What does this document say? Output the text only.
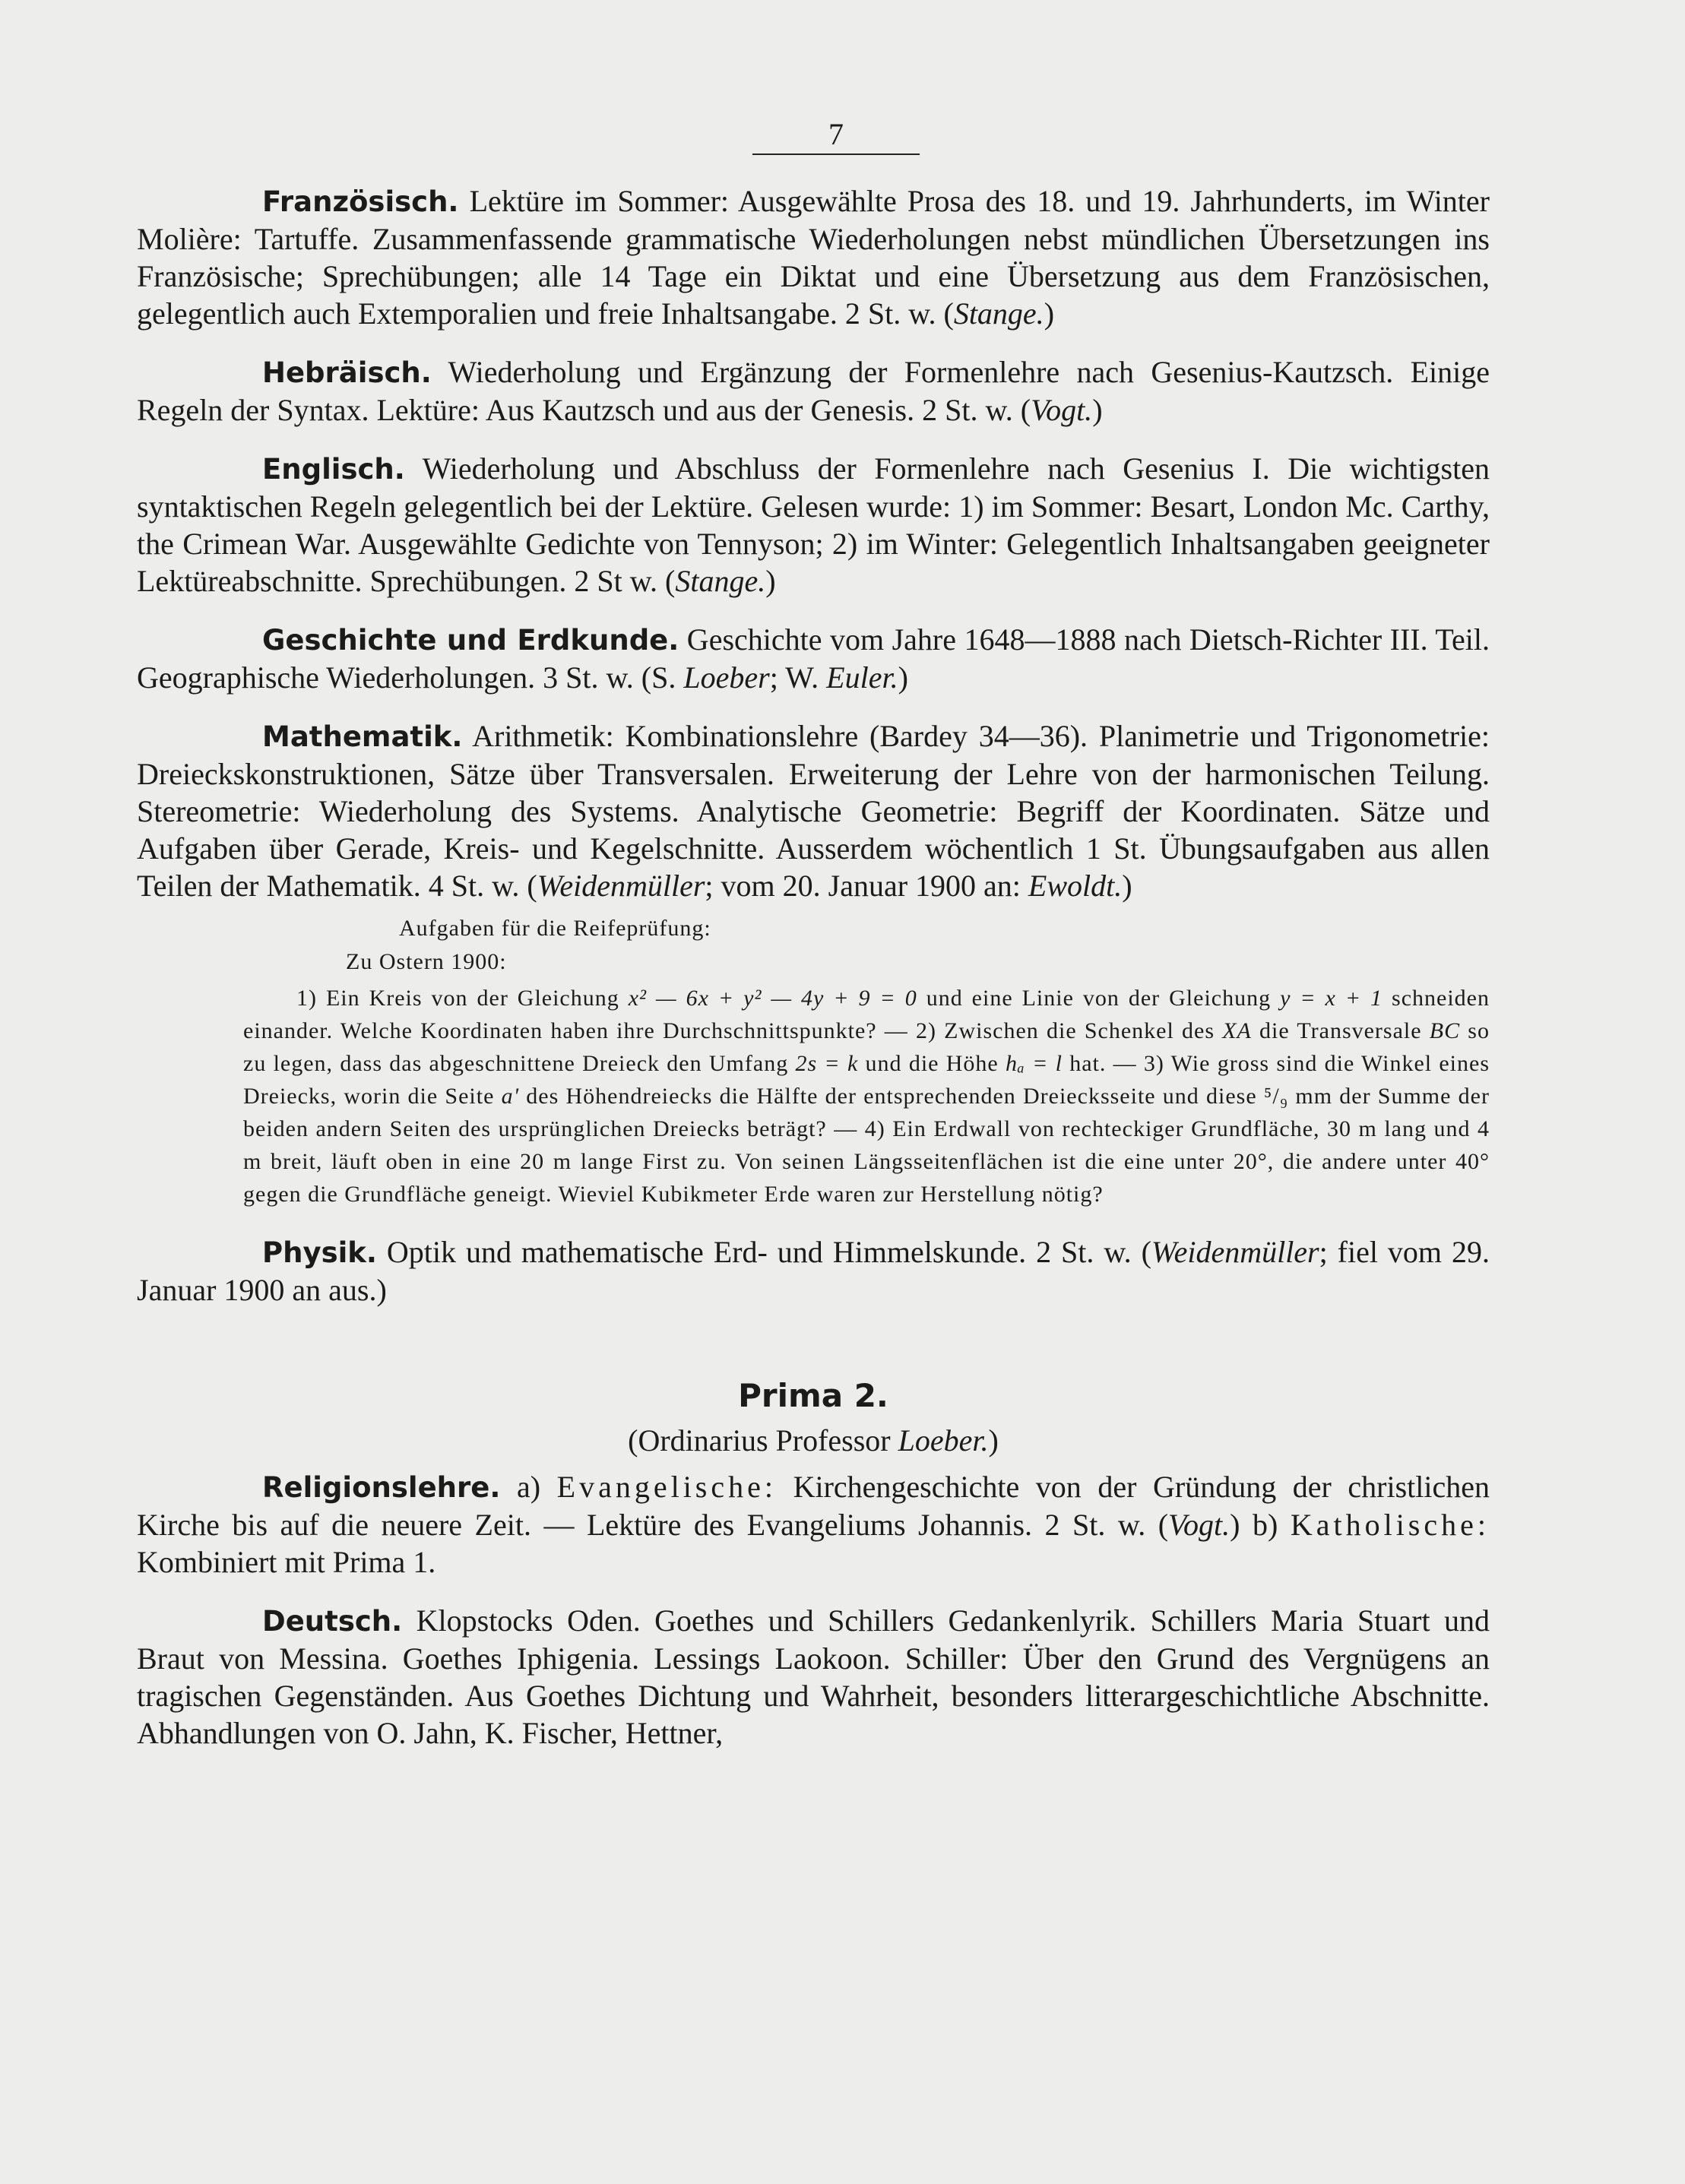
7

Französisch. Lektüre im Sommer: Ausgewählte Prosa des 18. und 19. Jahrhunderts, im Winter Molière: Tartuffe. Zusammenfassende grammatische Wiederholungen nebst mündlichen Übersetzungen ins Französische; Sprechübungen; alle 14 Tage ein Diktat und eine Übersetzung aus dem Französischen, gelegentlich auch Extemporalien und freie Inhaltsangabe. 2 St. w. (Stange.)

Hebräisch. Wiederholung und Ergänzung der Formenlehre nach Gesenius-Kautzsch. Einige Regeln der Syntax. Lektüre: Aus Kautzsch und aus der Genesis. 2 St. w. (Vogt.)

Englisch. Wiederholung und Abschluss der Formenlehre nach Gesenius I. Die wichtigsten syntaktischen Regeln gelegentlich bei der Lektüre. Gelesen wurde: 1) im Sommer: Besart, London Mc. Carthy, the Crimean War. Ausgewählte Gedichte von Tennyson; 2) im Winter: Gelegentlich Inhaltsangaben geeigneter Lektüreabschnitte. Sprechübungen. 2 St w. (Stange.)

Geschichte und Erdkunde. Geschichte vom Jahre 1648—1888 nach Dietsch-Richter III. Teil. Geographische Wiederholungen. 3 St. w. (S. Loeber; W. Euler.)

Mathematik. Arithmetik: Kombinationslehre (Bardey 34—36). Planimetrie und Trigonometrie: Dreieckskonstruktionen, Sätze über Transversalen. Erweiterung der Lehre von der harmonischen Teilung. Stereometrie: Wiederholung des Systems. Analytische Geometrie: Begriff der Koordinaten. Sätze und Aufgaben über Gerade, Kreis- und Kegelschnitte. Ausserdem wöchentlich 1 St. Übungsaufgaben aus allen Teilen der Mathematik. 4 St. w. (Weidenmüller; vom 20. Januar 1900 an: Ewoldt.)

Aufgaben für die Reifeprüfung:
Zu Ostern 1900:

1) Ein Kreis von der Gleichung x² — 6x + y² — 4y + 9 = 0 und eine Linie von der Gleichung y = x + 1 schneiden einander. Welche Koordinaten haben ihre Durchschnittspunkte? — 2) Zwischen die Schenkel des XA die Transversale BC so zu legen, dass das abgeschnittene Dreieck den Umfang 2s = k und die Höhe hₐ = l hat. — 3) Wie gross sind die Winkel eines Dreiecks, worin die Seite a' des Höhendreiecks die Hälfte der entsprechenden Dreiecksseite und diese ⁵/₉ mm der Summe der beiden andern Seiten des ursprünglichen Dreiecks beträgt? — 4) Ein Erdwall von rechteckiger Grundfläche, 30 m lang und 4 m breit, läuft oben in eine 20 m lange First zu. Von seinen Längsseitenflächen ist die eine unter 20°, die andere unter 40° gegen die Grundfläche geneigt. Wieviel Kubikmeter Erde waren zur Herstellung nötig?

Physik. Optik und mathematische Erd- und Himmelskunde. 2 St. w. (Weidenmüller; fiel vom 29. Januar 1900 an aus.)

Prima 2.
(Ordinarius Professor Loeber.)

Religionslehre. a) Evangelische: Kirchengeschichte von der Gründung der christlichen Kirche bis auf die neuere Zeit. — Lektüre des Evangeliums Johannis. 2 St. w. (Vogt.) b) Katholische: Kombiniert mit Prima 1.

Deutsch. Klopstocks Oden. Goethes und Schillers Gedankenlyrik. Schillers Maria Stuart und Braut von Messina. Goethes Iphigenia. Lessings Laokoon. Schiller: Über den Grund des Vergnügens an tragischen Gegenständen. Aus Goethes Dichtung und Wahrheit, besonders litterargeschichtliche Abschnitte. Abhandlungen von O. Jahn, K. Fischer, Hettner,
